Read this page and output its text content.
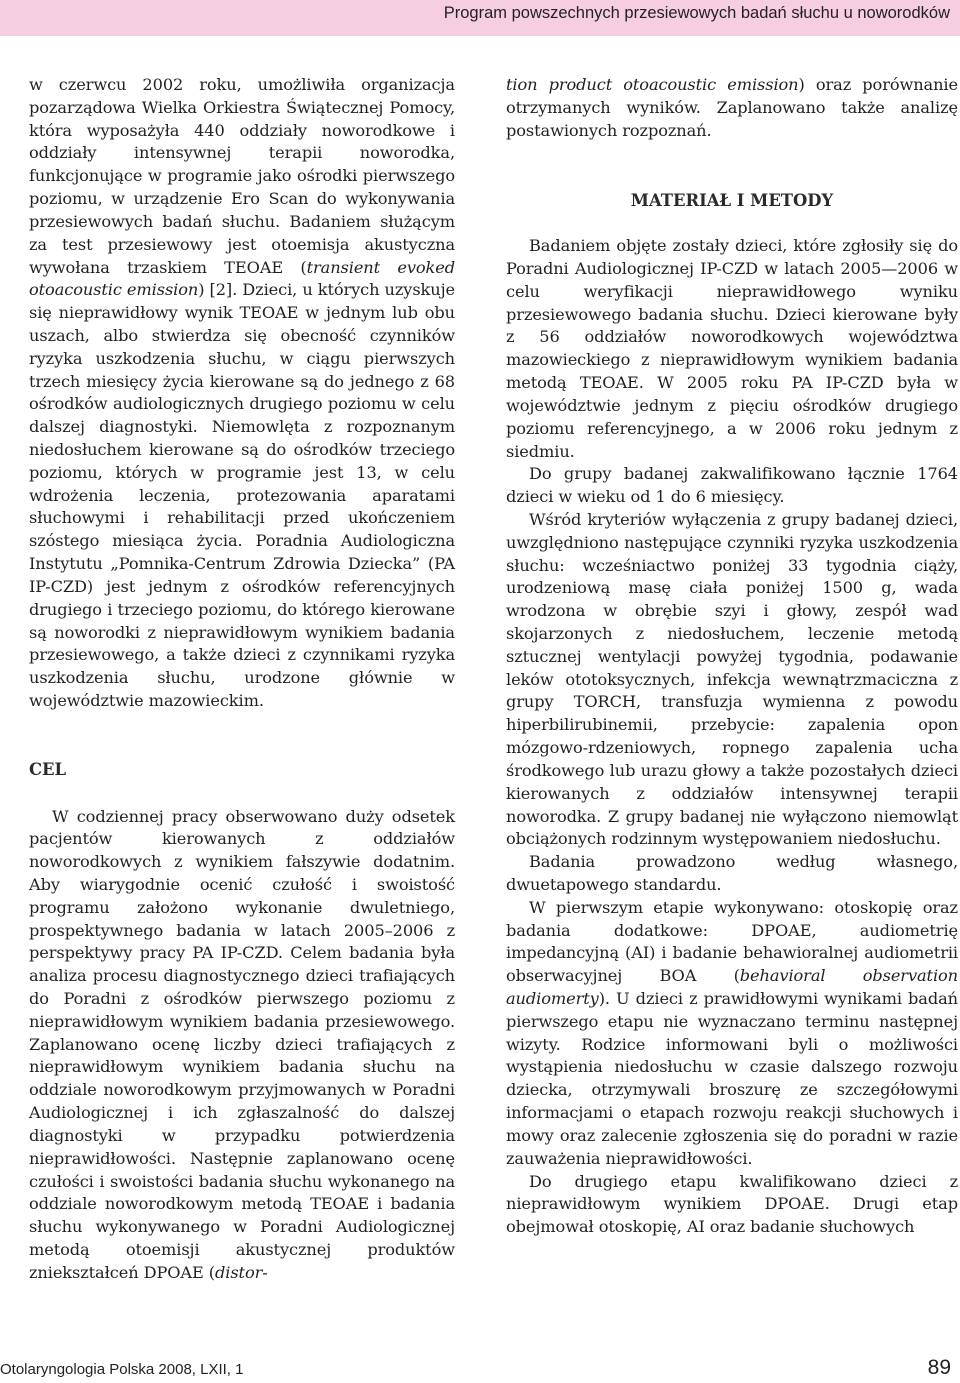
Program powszechnych przesiewowych badań słuchu u noworodków

w czerwcu 2002 roku, umożliwiła organizacja pozarządowa Wielka Orkiestra Świątecznej Pomocy, która wyposażyła 440 oddziały noworodkowe i oddziały intensywnej terapii noworodka, funkcjonujące w programie jako ośrodki pierwszego poziomu, w urządzenie Ero Scan do wykonywania przesiewowych badań słuchu. Badaniem służącym za test przesiewowy jest otoemisja akustyczna wywołana trzaskiem TEOAE (transient evoked otoacoustic emission) [2]. Dzieci, u których uzyskuje się nieprawidłowy wynik TEOAE w jednym lub obu uszach, albo stwierdza się obecność czynników ryzyka uszkodzenia słuchu, w ciągu pierwszych trzech miesięcy życia kierowane są do jednego z 68 ośrodków audiologicznych drugiego poziomu w celu dalszej diagnostyki. Niemowlęta z rozpoznanym niedosłuchem kierowane są do ośrodków trzeciego poziomu, których w programie jest 13, w celu wdrożenia leczenia, protezowania aparatami słuchowymi i rehabilitacji przed ukończeniem szóstego miesiąca życia. Poradnia Audiologiczna Instytutu „Pomnika-Centrum Zdrowia Dziecka” (PA IP-CZD) jest jednym z ośrodków referencyjnych drugiego i trzeciego poziomu, do którego kierowane są noworodki z nieprawidłowym wynikiem badania przesiewowego, a także dzieci z czynnikami ryzyka uszkodzenia słuchu, urodzone głównie w województwie mazowieckim.

CEL

W codziennej pracy obserwowano duży odsetek pacjentów kierowanych z oddziałów noworodkowych z wynikiem fałszywie dodatnim. Aby wiarygodnie ocenić czułość i swoistość programu założono wykonanie dwuletniego, prospektywnego badania w latach 2005–2006 z perspektywy pracy PA IP-CZD. Celem badania była analiza procesu diagnostycznego dzieci trafiających do Poradni z ośrodków pierwszego poziomu z nieprawidłowym wynikiem badania przesiewowego. Zaplanowano ocenę liczby dzieci trafiających z nieprawidłowym wynikiem badania słuchu na oddziale noworodkowym przyjmowanych w Poradni Audiologicznej i ich zgłaszalność do dalszej diagnostyki w przypadku potwierdzenia nieprawidłowości. Następnie zaplanowano ocenę czułości i swoistości badania słuchu wykonanego na oddziale noworodkowym metodą TEOAE i badania słuchu wykonywanego w Poradni Audiologicznej metodą otoemisji akustycznej produktów zniekształceń DPOAE (distor-

tion product otoacoustic emission) oraz porównanie otrzymanych wyników. Zaplanowano także analizę postawionych rozpoznań.

MATERIAŁ I METODY

Badaniem objęte zostały dzieci, które zgłosiły się do Poradni Audiologicznej IP-CZD w latach 2005—2006 w celu weryfikacji nieprawidłowego wyniku przesiewowego badania słuchu. Dzieci kierowane były z 56 oddziałów noworodkowych województwa mazowieckiego z nieprawidłowym wynikiem badania metodą TEOAE. W 2005 roku PA IP-CZD była w województwie jednym z pięciu ośrodków drugiego poziomu referencyjnego, a w 2006 roku jednym z siedmiu.

Do grupy badanej zakwalifikowano łącznie 1764 dzieci w wieku od 1 do 6 miesięcy.

Wśród kryteriów wyłączenia z grupy badanej dzieci, uwzględniono następujące czynniki ryzyka uszkodzenia słuchu: wcześniactwo poniżej 33 tygodnia ciąży, urodzeniową masę ciała poniżej 1500 g, wada wrodzona w obrębie szyi i głowy, zespół wad skojarzonych z niedosłuchem, leczenie metodą sztucznej wentylacji powyżej tygodnia, podawanie leków ototoksycznych, infekcja wewnątrzmaciczna z grupy TORCH, transfuzja wymienna z powodu hiperbilirubinemii, przebycie: zapalenia opon mózgowo-rdzeniowych, ropnego zapalenia ucha środkowego lub urazu głowy a także pozostałych dzieci kierowanych z oddziałów intensywnej terapii noworodka. Z grupy badanej nie wyłączono niemowląt obciążonych rodzinnym występowaniem niedosłuchu.

Badania prowadzono według własnego, dwuetapowego standardu.

W pierwszym etapie wykonywano: otoskopię oraz badania dodatkowe: DPOAE, audiometrię impedancyjną (AI) i badanie behawioralnej audiometrii obserwacyjnej BOA (behavioral observation audiomerty). U dzieci z prawidłowymi wynikami badań pierwszego etapu nie wyznaczano terminu następnej wizyty. Rodzice informowani byli o możliwości wystąpienia niedosłuchu w czasie dalszego rozwoju dziecka, otrzymywali broszurę ze szczegółowymi informacjami o etapach rozwoju reakcji słuchowych i mowy oraz zalecenie zgłoszenia się do poradni w razie zauważenia nieprawidłowości.

Do drugiego etapu kwalifikowano dzieci z nieprawidłowym wynikiem DPOAE. Drugi etap obejmował otoskopię, AI oraz badanie słuchowych

Otolaryngologia Polska 2008, LXII, 1	89
